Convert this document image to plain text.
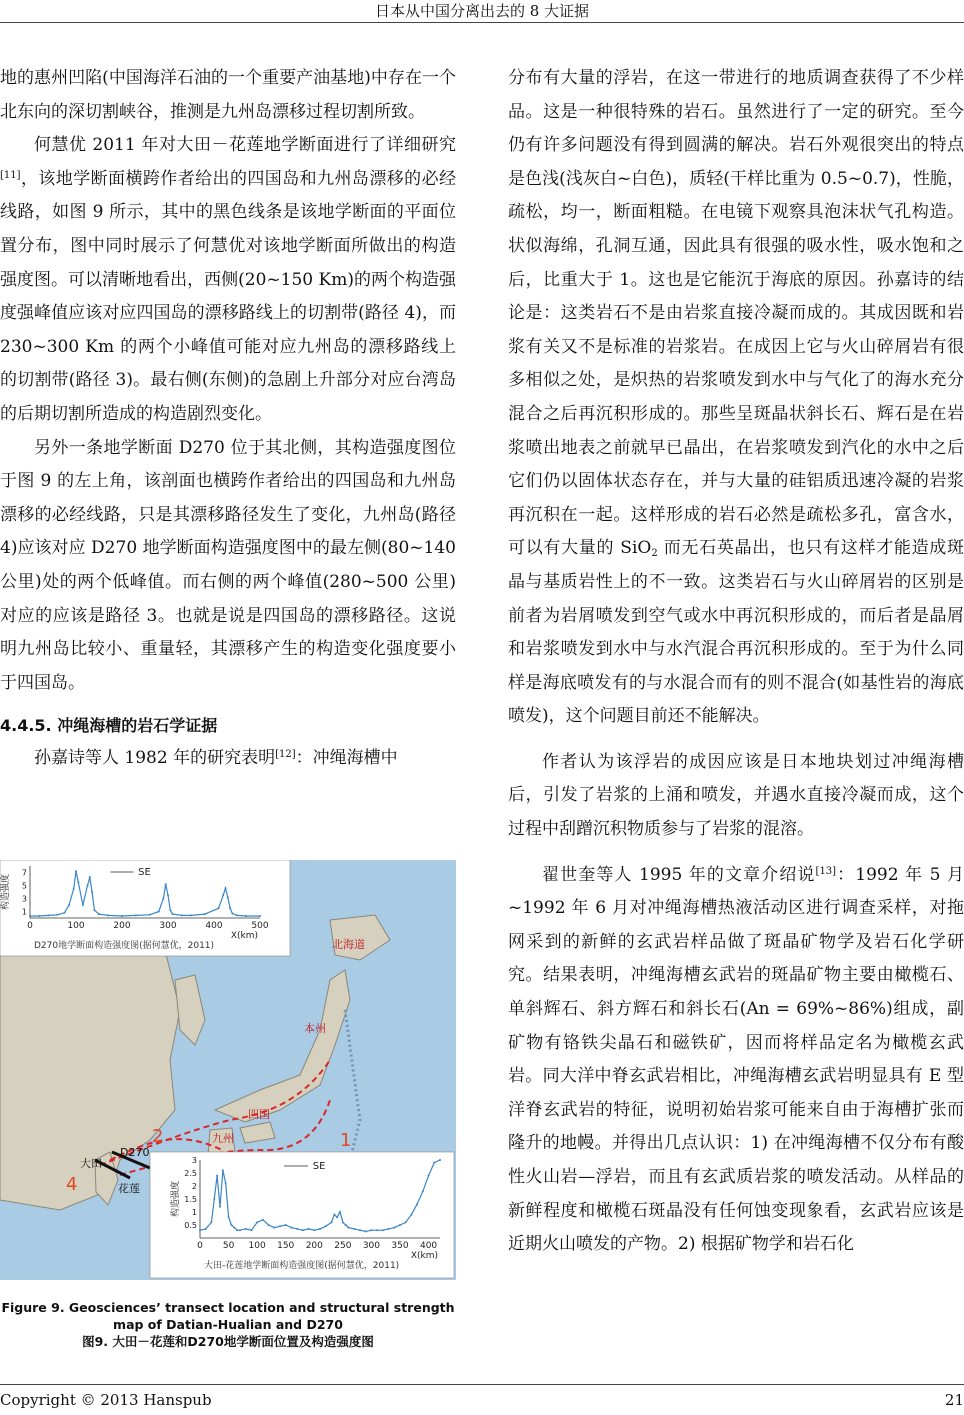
日本从中国分离出去的 8 大证据

地的惠州凹陷(中国海洋石油的一个重要产油基地)中存在一个北东向的深切割峡谷，推测是九州岛漂移过程切割所致。

何慧优 2011 年对大田－花莲地学断面进行了详细研究[11]，该地学断面横跨作者给出的四国岛和九州岛漂移的必经线路，如图 9 所示，其中的黑色线条是该地学断面的平面位置分布，图中同时展示了何慧优对该地学断面所做出的构造强度图。可以清晰地看出，西侧(20~150 Km)的两个构造强度强峰值应该对应四国岛的漂移路线上的切割带(路径 4)，而 230~300 Km 的两个小峰值可能对应九州岛的漂移路线上的切割带(路径 3)。最右侧(东侧)的急剧上升部分对应台湾岛的后期切割所造成的构造剧烈变化。

另外一条地学断面 D270 位于其北侧，其构造强度图位于图 9 的左上角，该剖面也横跨作者给出的四国岛和九州岛漂移的必经线路，只是其漂移路径发生了变化，九州岛(路径 4)应该对应 D270 地学断面构造强度图中的最左侧(80~140 公里)处的两个低峰值。而右侧的两个峰值(280~500 公里)对应的应该是路径 3。也就是说是四国岛的漂移路径。这说明九州岛比较小、重量轻，其漂移产生的构造变化强度要小于四国岛。

4.4.5. 冲绳海槽的岩石学证据

孙嘉诗等人 1982 年的研究表明[12]：冲绳海槽中

北海道
本州
四国
九州
大田
D270
花莲
1
2
4
0	100	200	300	400	500
1
3
5
7
X(km)
构造强度
SE
D270地学断面构造强度图(据何慧优，2011)
0 50 100 150 200 250 300 350 400
0.5
1
1.5
2
2.5
3
X(km)
构造强度
SE
大田-花莲地学断面构造强度图(据何慧优，2011)
Figure 9. Geosciences’ transect location and structural strength
map of Datian-Hualian and D270
图9. 大田－花莲和D270地学断面位置及构造强度图

分布有大量的浮岩，在这一带进行的地质调查获得了不少样品。这是一种很特殊的岩石。虽然进行了一定的研究。至今仍有许多问题没有得到圆满的解决。岩石外观很突出的特点是色浅(浅灰白~白色)，质轻(干样比重为 0.5~0.7)，性脆，疏松，均一，断面粗糙。在电镜下观察具泡沫状气孔构造。状似海绵，孔洞互通，因此具有很强的吸水性，吸水饱和之后，比重大于 1。这也是它能沉于海底的原因。孙嘉诗的结论是：这类岩石不是由岩浆直接冷凝而成的。其成因既和岩浆有关又不是标准的岩浆岩。在成因上它与火山碎屑岩有很多相似之处，是炽热的岩浆喷发到水中与气化了的海水充分混合之后再沉积形成的。那些呈斑晶状斜长石、辉石是在岩浆喷出地表之前就早已晶出，在岩浆喷发到汽化的水中之后它们仍以固体状态存在，并与大量的硅铝质迅速冷凝的岩浆再沉积在一起。这样形成的岩石必然是疏松多孔，富含水，可以有大量的 SiO$_2$ 而无石英晶出，也只有这样才能造成斑晶与基质岩性上的不一致。这类岩石与火山碎屑岩的区别是前者为岩屑喷发到空气或水中再沉积形成的，而后者是晶屑和岩浆喷发到水中与水汽混合再沉积形成的。至于为什么同样是海底喷发有的与水混合而有的则不混合(如基性岩的海底喷发)，这个问题目前还不能解决。

作者认为该浮岩的成因应该是日本地块划过冲绳海槽后，引发了岩浆的上涌和喷发，并遇水直接冷凝而成，这个过程中刮蹭沉积物质参与了岩浆的混溶。

翟世奎等人 1995 年的文章介绍说[13]：1992 年 5 月~1992 年 6 月对冲绳海槽热液活动区进行调查采样，对拖网采到的新鲜的玄武岩样品做了斑晶矿物学及岩石化学研究。结果表明，冲绳海槽玄武岩的斑晶矿物主要由橄榄石、单斜辉石、斜方辉石和斜长石(An = 69%~86%)组成，副矿物有铬铁尖晶石和磁铁矿，因而将样品定名为橄榄玄武岩。同大洋中脊玄武岩相比，冲绳海槽玄武岩明显具有 E 型洋脊玄武岩的特征，说明初始岩浆可能来自由于海槽扩张而隆升的地幔。并得出几点认识：1) 在冲绳海槽不仅分布有酸性火山岩—浮岩，而且有玄武质岩浆的喷发活动。从样品的新鲜程度和橄榄石斑晶没有任何蚀变现象看，玄武岩应该是近期火山喷发的产物。2) 根据矿物学和岩石化

Copyright © 2013 Hanspub	21
